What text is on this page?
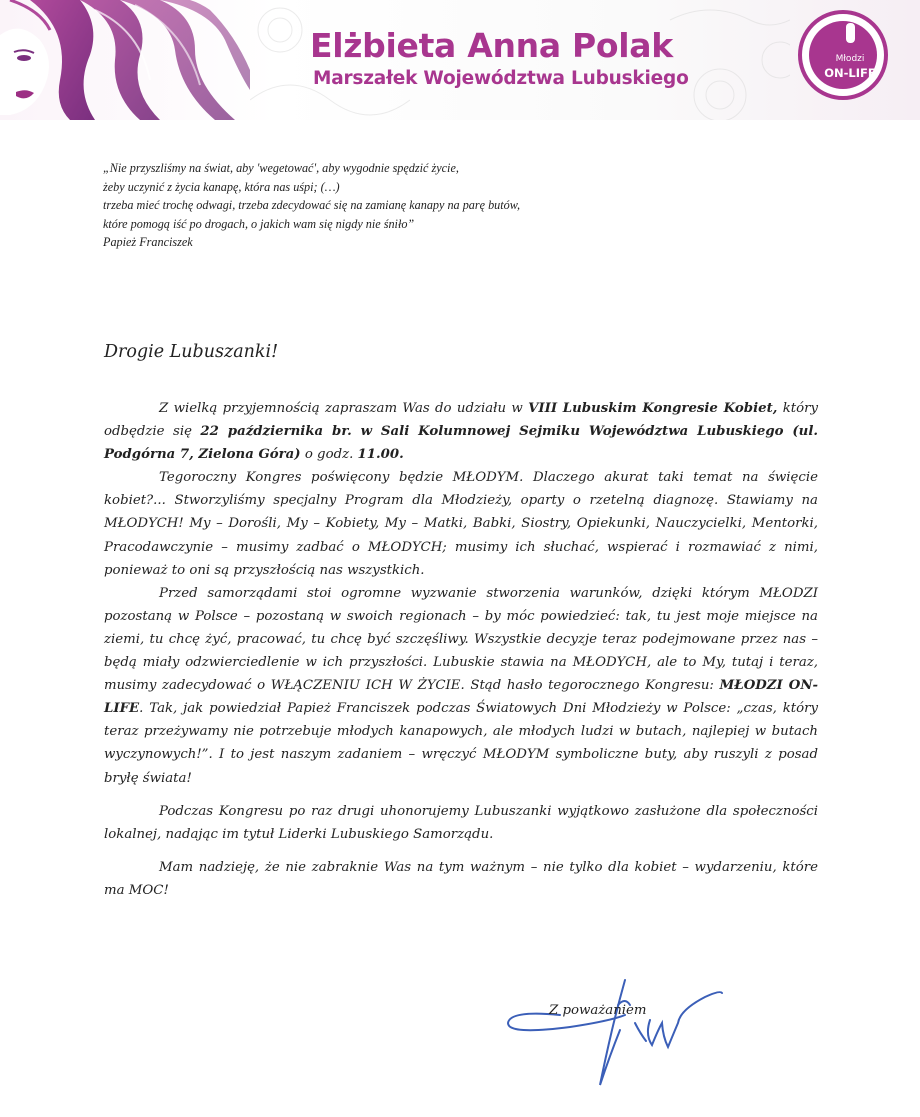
Elżbieta Anna Polak
Marszałek Województwa Lubuskiego
Młodzi
ON-LIFE
„Nie przyszliśmy na świat, aby 'wegetować', aby wygodnie spędzić życie,
żeby uczynić z życia kanapę, która nas uśpi; (…)
trzeba mieć trochę odwagi, trzeba zdecydować się na zamianę kanapy na parę butów,
które pomogą iść po drogach, o jakich wam się nigdy nie śniło”
Papież Franciszek
Drogie Lubuszanki!

Z wielką przyjemnością zapraszam Was do udziału w VIII Lubuskim Kongresie Kobiet, który odbędzie się 22 października br. w Sali Kolumnowej Sejmiku Województwa Lubuskiego (ul. Podgórna 7, Zielona Góra) o godz. 11.00.

Tegoroczny Kongres poświęcony będzie MŁODYM. Dlaczego akurat taki temat na święcie kobiet?... Stworzyliśmy specjalny Program dla Młodzieży, oparty o rzetelną diagnozę. Stawiamy na MŁODYCH! My – Dorośli, My – Kobiety, My – Matki, Babki, Siostry, Opiekunki, Nauczycielki, Mentorki, Pracodawczynie – musimy zadbać o MŁODYCH; musimy ich słuchać, wspierać i rozmawiać z nimi, ponieważ to oni są przyszłością nas wszystkich.

Przed samorządami stoi ogromne wyzwanie stworzenia warunków, dzięki którym MŁODZI pozostaną w Polsce – pozostaną w swoich regionach – by móc powiedzieć: tak, tu jest moje miejsce na ziemi, tu chcę żyć, pracować, tu chcę być szczęśliwy. Wszystkie decyzje teraz podejmowane przez nas – będą miały odzwierciedlenie w ich przyszłości. Lubuskie stawia na MŁODYCH, ale to My, tutaj i teraz, musimy zadecydować o WŁĄCZENIU ICH W ŻYCIE. Stąd hasło tegorocznego Kongresu: MŁODZI ON-LIFE. Tak, jak powiedział Papież Franciszek podczas Światowych Dni Młodzieży w Polsce: „czas, który teraz przeżywamy nie potrzebuje młodych kanapowych, ale młodych ludzi w butach, najlepiej w butach wyczynowych!”. I to jest naszym zadaniem – wręczyć MŁODYM symboliczne buty, aby ruszyli z posad bryłę świata!

Podczas Kongresu po raz drugi uhonorujemy Lubuszanki wyjątkowo zasłużone dla społeczności lokalnej, nadając im tytuł Liderki Lubuskiego Samorządu.

Mam nadzieję, że nie zabraknie Was na tym ważnym – nie tylko dla kobiet – wydarzeniu, które ma MOC!

Z poważaniem
